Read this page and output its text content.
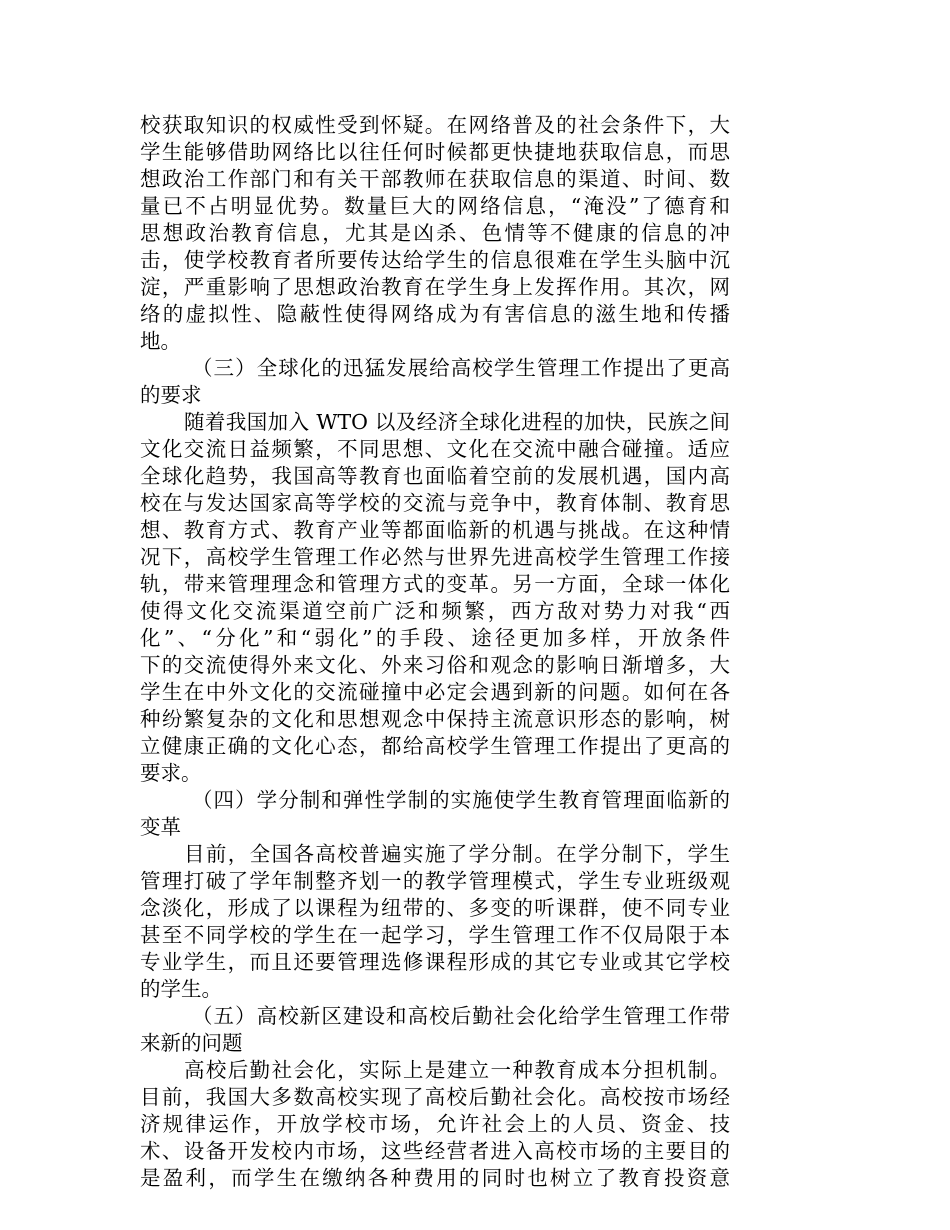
校获取知识的权威性受到怀疑。在网络普及的社会条件下，大
学生能够借助网络比以往任何时候都更快捷地获取信息，而思
想政治工作部门和有关干部教师在获取信息的渠道、时间、数
量已不占明显优势。数量巨大的网络信息，“淹没”了德育和
思想政治教育信息，尤其是凶杀、色情等不健康的信息的冲
击，使学校教育者所要传达给学生的信息很难在学生头脑中沉
淀，严重影响了思想政治教育在学生身上发挥作用。其次，网
络的虚拟性、隐蔽性使得网络成为有害信息的滋生地和传播
地。
（三）全球化的迅猛发展给高校学生管理工作提出了更高
的要求
随着我国加入 WTO 以及经济全球化进程的加快，民族之间
文化交流日益频繁，不同思想、文化在交流中融合碰撞。适应
全球化趋势，我国高等教育也面临着空前的发展机遇，国内高
校在与发达国家高等学校的交流与竞争中，教育体制、教育思
想、教育方式、教育产业等都面临新的机遇与挑战。在这种情
况下，高校学生管理工作必然与世界先进高校学生管理工作接
轨，带来管理理念和管理方式的变革。另一方面，全球一体化
使得文化交流渠道空前广泛和频繁，西方敌对势力对我“西
化”、“分化”和“弱化”的手段、途径更加多样，开放条件
下的交流使得外来文化、外来习俗和观念的影响日渐增多，大
学生在中外文化的交流碰撞中必定会遇到新的问题。如何在各
种纷繁复杂的文化和思想观念中保持主流意识形态的影响，树
立健康正确的文化心态，都给高校学生管理工作提出了更高的
要求。
（四）学分制和弹性学制的实施使学生教育管理面临新的
变革
目前，全国各高校普遍实施了学分制。在学分制下，学生
管理打破了学年制整齐划一的教学管理模式，学生专业班级观
念淡化，形成了以课程为纽带的、多变的听课群，使不同专业
甚至不同学校的学生在一起学习，学生管理工作不仅局限于本
专业学生，而且还要管理选修课程形成的其它专业或其它学校
的学生。
（五）高校新区建设和高校后勤社会化给学生管理工作带
来新的问题
高校后勤社会化，实际上是建立一种教育成本分担机制。
目前，我国大多数高校实现了高校后勤社会化。高校按市场经
济规律运作，开放学校市场，允许社会上的人员、资金、技
术、设备开发校内市场，这些经营者进入高校市场的主要目的
是盈利，而学生在缴纳各种费用的同时也树立了教育投资意
